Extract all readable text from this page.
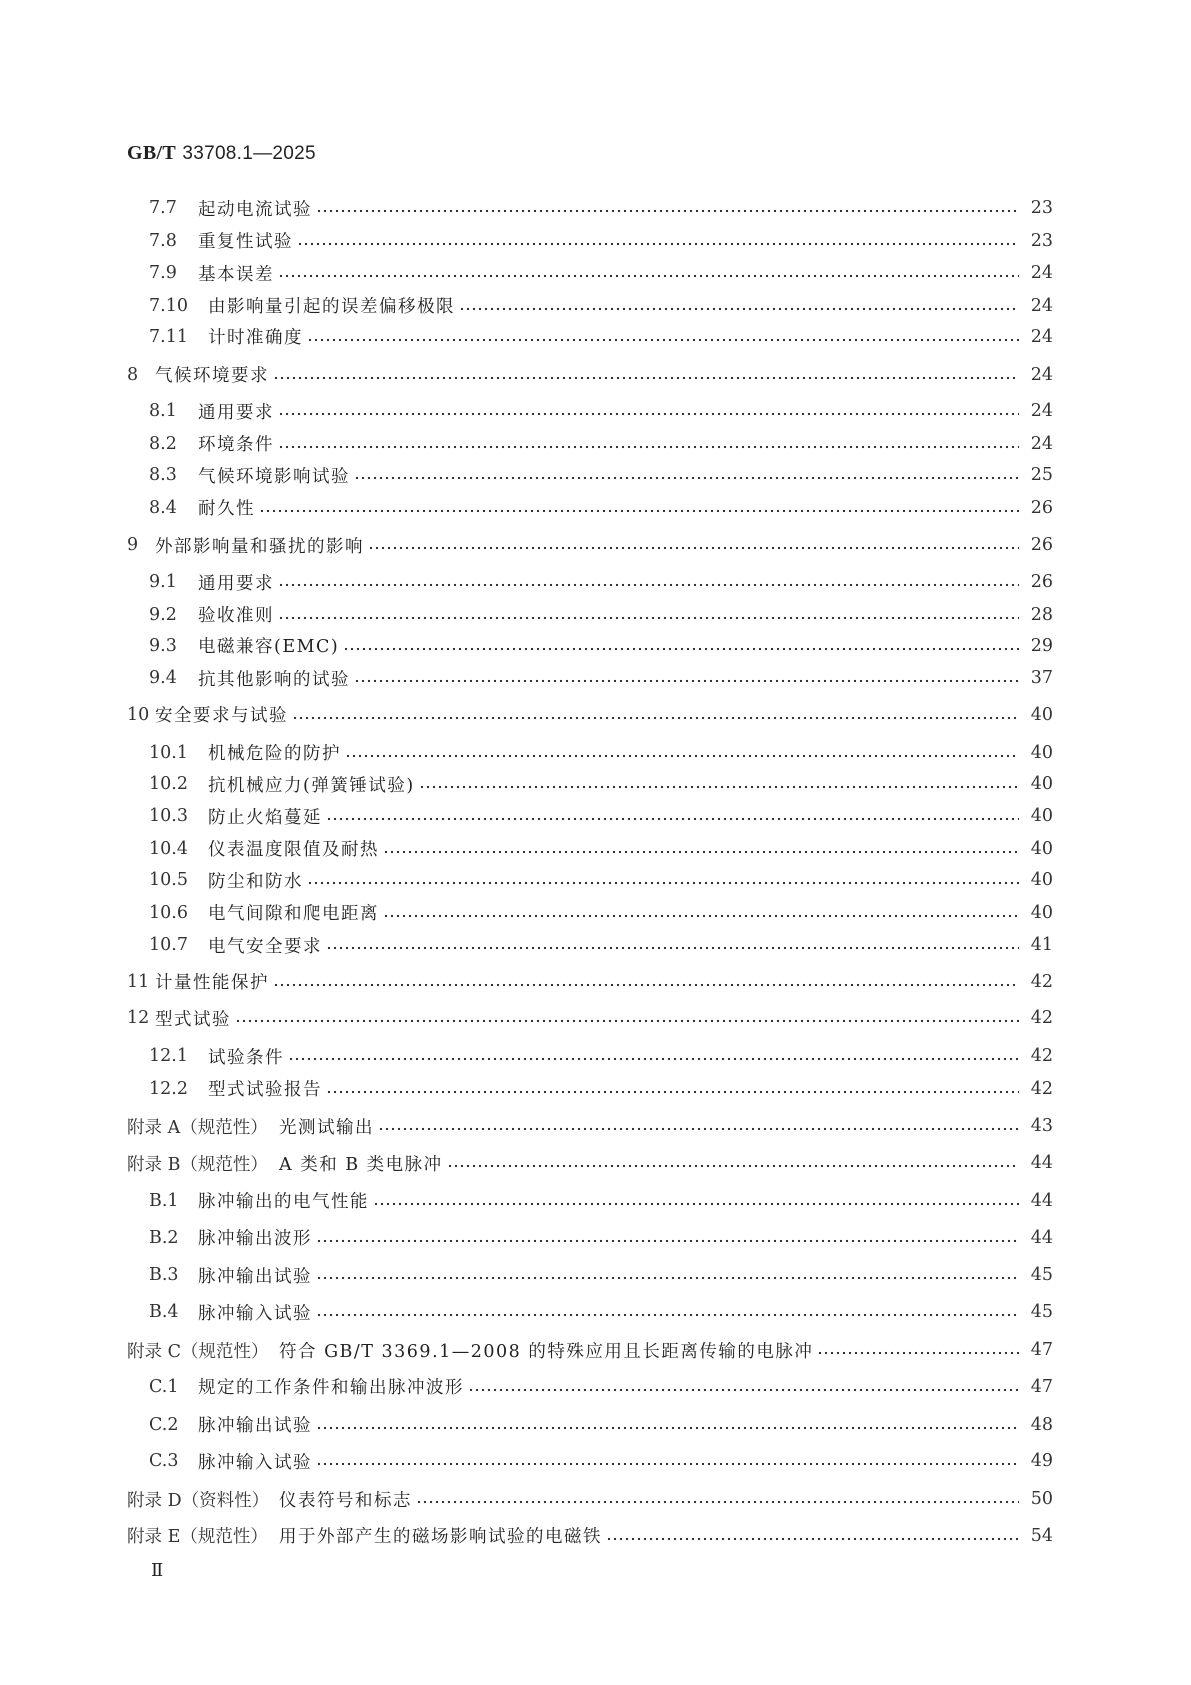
GB/T 33708.1—2025
7.7	起动电流试验	23
7.8	重复性试验	23
7.9	基本误差	24
7.10	由影响量引起的误差偏移极限	24
7.11	计时准确度	24
8 气候环境要求	24
8.1	通用要求	24
8.2	环境条件	24
8.3	气候环境影响试验	25
8.4	耐久性	26
9 外部影响量和骚扰的影响	26
9.1	通用要求	26
9.2	验收准则	28
9.3	电磁兼容(EMC)	29
9.4	抗其他影响的试验	37
10 安全要求与试验	40
10.1	机械危险的防护	40
10.2	抗机械应力(弹簧锤试验)	40
10.3	防止火焰蔓延	40
10.4	仪表温度限值及耐热	40
10.5	防尘和防水	40
10.6	电气间隙和爬电距离	40
10.7	电气安全要求	41
11 计量性能保护	42
12 型式试验	42
12.1	试验条件	42
12.2	型式试验报告	42
附录 A（规范性） 光测试输出	43
附录 B（规范性） A 类和 B 类电脉冲	44
B.1	脉冲输出的电气性能	44
B.2	脉冲输出波形	44
B.3	脉冲输出试验	45
B.4	脉冲输入试验	45
附录 C（规范性） 符合 GB/T 3369.1—2008 的特殊应用且长距离传输的电脉冲	47
C.1	规定的工作条件和输出脉冲波形	47
C.2	脉冲输出试验	48
C.3	脉冲输入试验	49
附录 D（资料性） 仪表符号和标志	50
附录 E（规范性） 用于外部产生的磁场影响试验的电磁铁	54
Ⅱ
